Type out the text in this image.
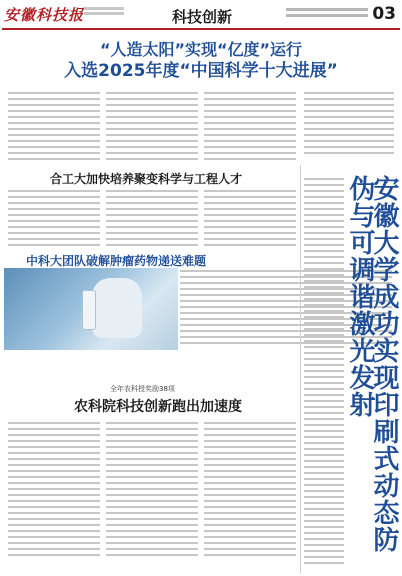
安徽科技报	科技创新	03
“人造太阳”实现“亿度”运行
入选2025年度“中国科学十大进展”
合工大加快培养聚变科学与工程人才
中科大团队破解肿瘤药物递送难题
全年农科授奖励38项
农科院科技创新跑出加速度	安徽大学成功实现印刷式动态防伪与可调谐激光发射
